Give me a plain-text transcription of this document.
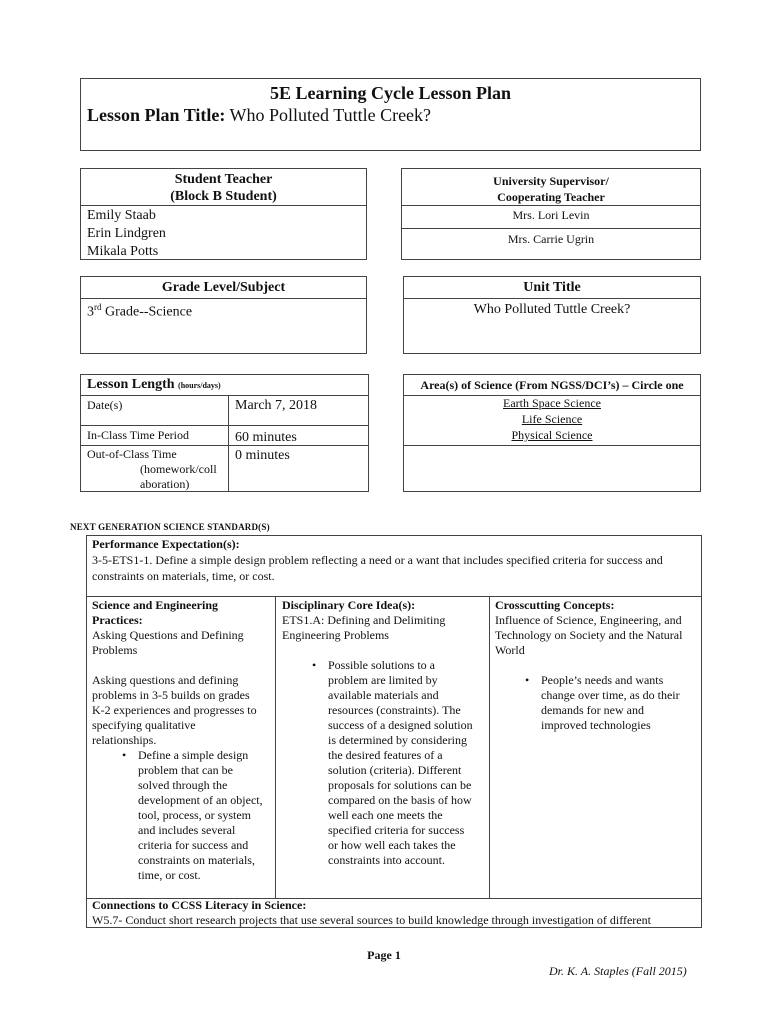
5E Learning Cycle Lesson Plan
Lesson Plan Title: Who Polluted Tuttle Creek?
Student Teacher
(Block B Student)
Emily Staab
Erin Lindgren
Mikala Potts
University Supervisor/
Cooperating Teacher
Mrs. Lori Levin
Mrs. Carrie Ugrin
Grade Level/Subject
3rd Grade--Science
Unit Title
Who Polluted Tuttle Creek?
Lesson Length (hours/days)
Date(s)	March 7, 2018
In-Class Time Period	60 minutes
Out-of-Class Time
(homework/coll
aboration)
0 minutes
Area(s) of Science (From NGSS/DCI’s) – Circle one
Earth Space Science
Life Science
Physical Science
NEXT GENERATION SCIENCE STANDARD(S)
Performance Expectation(s):
3-5-ETS1-1. Define a simple design problem reflecting a need or a want that includes specified criteria for success and
constraints on materials, time, or cost.
Science and Engineering
Practices:
Asking Questions and Defining
Problems
Asking questions and defining
problems in 3-5 builds on grades
K-2 experiences and progresses to
specifying qualitative
relationships.
• Define a simple design
problem that can be
solved through the
development of an object,
tool, process, or system
and includes several
criteria for success and
constraints on materials,
time, or cost.
Disciplinary Core Idea(s):
ETS1.A: Defining and Delimiting
Engineering Problems
• Possible solutions to a
problem are limited by
available materials and
resources (constraints). The
success of a designed solution
is determined by considering
the desired features of a
solution (criteria). Different
proposals for solutions can be
compared on the basis of how
well each one meets the
specified criteria for success
or how well each takes the
constraints into account.
Crosscutting Concepts:
Influence of Science, Engineering, and
Technology on Society and the Natural
World
• People’s needs and wants
change over time, as do their
demands for new and
improved technologies
Connections to CCSS Literacy in Science:
W5.7- Conduct short research projects that use several sources to build knowledge through investigation of different
Page 1
Dr. K. A. Staples (Fall 2015)
